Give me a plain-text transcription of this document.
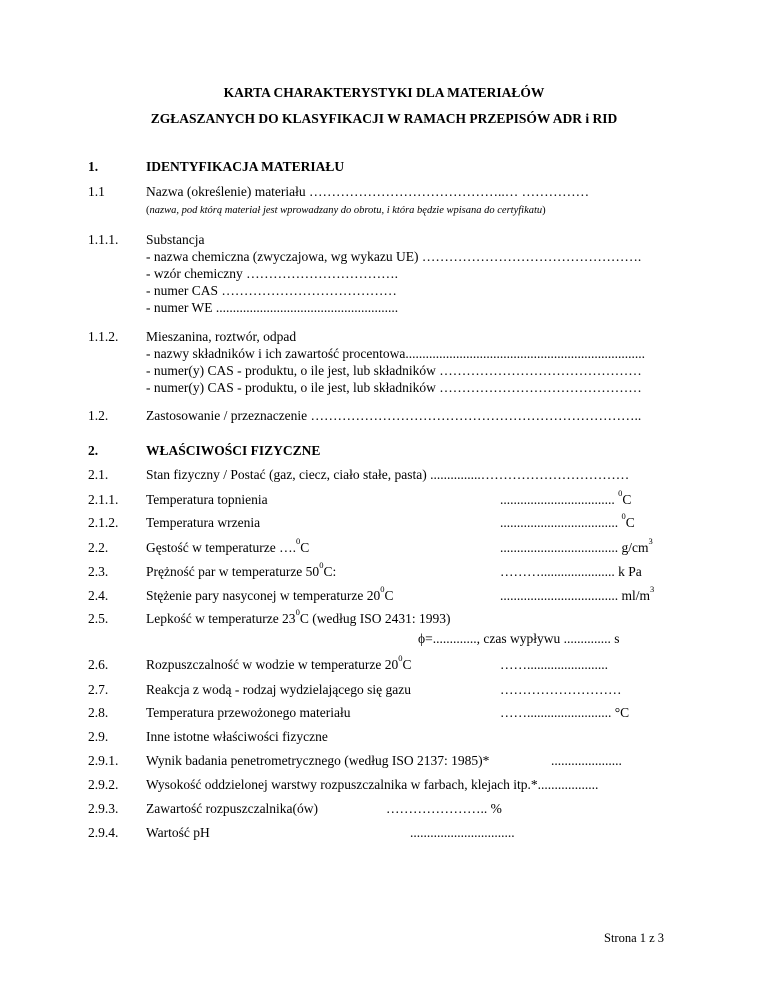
KARTA CHARAKTERYSTYKI DLA MATERIAŁÓW
ZGŁASZANYCH DO KLASYFIKACJI W RAMACH PRZEPISÓW ADR i RID
1.	IDENTYFIKACJA MATERIAŁU
1.1	Nazwa (określenie) materiału ……………………………………..… ……………
(nazwa, pod którą materiał jest wprowadzany do obrotu, i która będzie wpisana do certyfikatu)
1.1.1. Substancja
- nazwa chemiczna (zwyczajowa, wg wykazu UE) ………………………………………….
- wzór chemiczny …………………………….
- numer CAS …………………………………
- numer WE ......................................................
1.1.2. Mieszanina, roztwór, odpad
- nazwy składników i ich zawartość procentowa.......................................................................
- numer(y) CAS - produktu, o ile jest, lub składników ………………………………………
- numer(y) CAS - produktu, o ile jest, lub składników ………………………………………
1.2.	Zastosowanie / przeznaczenie ………………………………………………………………..
2.	WŁAŚCIWOŚCI FIZYCZNE
2.1.	Stan fizyczny / Postać (gaz, ciecz, ciało stałe, pasta) ...............……………………………
2.1.1. Temperatura topnienia	.................................. $^0$C
2.1.2. Temperatura wrzenia	................................... $^0$C
2.2.	Gęstość w temperaturze ….$^0$C	................................... $g/cm^3$
2.3.	Prężność par w temperaturze $50^0C$:	………...................... k Pa
2.4.	Stężenie pary nasyconej w temperaturze $20^0C$	................................... $ml/m^3$
2.5.	Lepkość w temperaturze $23^0C$ (według ISO 2431: 1993)
ϕ=............., czas wypływu .............. s
2.6.	Rozpuszczalność w wodzie w temperaturze $20^0C$	……........................
2.7.	Reakcja z wodą - rodzaj wydzielającego się gazu	………………………
2.8.	Temperatura przewożonego materiału	……......................... °C
2.9.	Inne istotne właściwości fizyczne
2.9.1. Wynik badania penetrometrycznego (według ISO 2137: 1985)*	.....................
2.9.2. Wysokość oddzielonej warstwy rozpuszczalnika w farbach, klejach itp.*..................
2.9.3. Zawartość rozpuszczalnika(ów)	………………….. %
2.9.4. Wartość pH	...............................
Strona 1 z 3
